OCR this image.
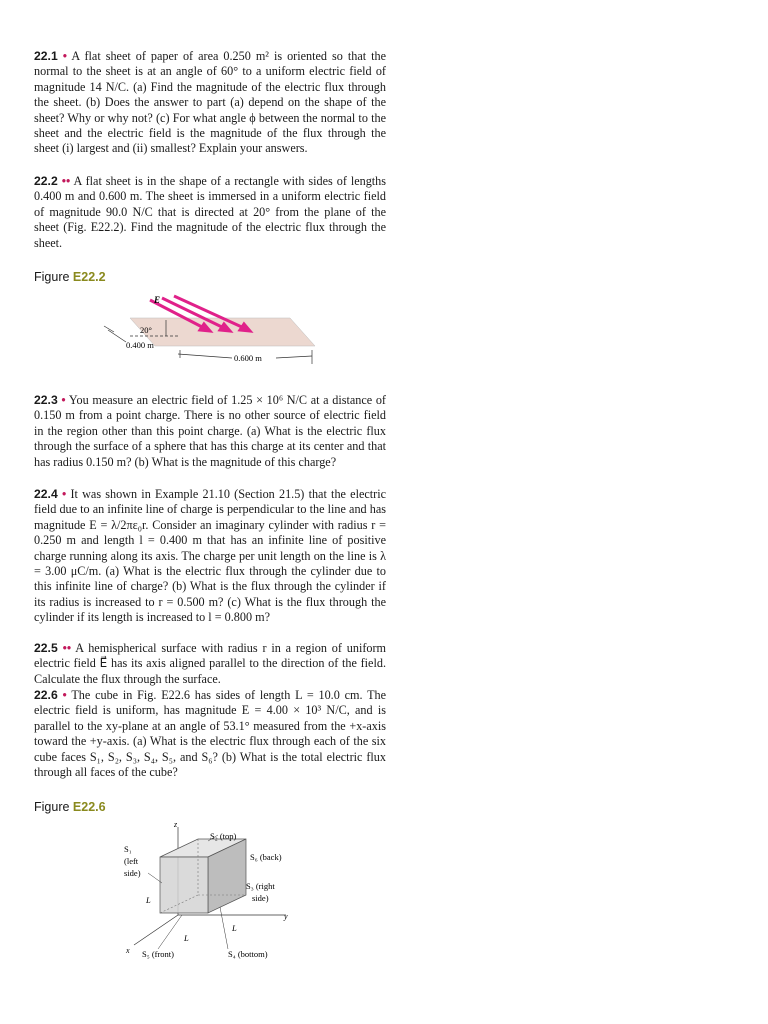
22.1 • A flat sheet of paper of area 0.250 m² is oriented so that the normal to the sheet is at an angle of 60° to a uniform electric field of magnitude 14 N/C. (a) Find the magnitude of the electric flux through the sheet. (b) Does the answer to part (a) depend on the shape of the sheet? Why or why not? (c) For what angle ϕ between the normal to the sheet and the electric field is the magnitude of the flux through the sheet (i) largest and (ii) smallest? Explain your answers.
22.2 •• A flat sheet is in the shape of a rectangle with sides of lengths 0.400 m and 0.600 m. The sheet is immersed in a uniform electric field of magnitude 90.0 N/C that is directed at 20° from the plane of the sheet (Fig. E22.2). Find the magnitude of the electric flux through the sheet.
Figure E22.2
E⃗
20°
0.400 m
0.600 m
22.3 • You measure an electric field of 1.25 × 10⁶ N/C at a distance of 0.150 m from a point charge. There is no other source of electric field in the region other than this point charge. (a) What is the electric flux through the surface of a sphere that has this charge at its center and that has radius 0.150 m? (b) What is the magnitude of this charge?
22.4 • It was shown in Example 21.10 (Section 21.5) that the electric field due to an infinite line of charge is perpendicular to the line and has magnitude E = λ/2πε₀r. Consider an imaginary cylinder with radius r = 0.250 m and length l = 0.400 m that has an infinite line of positive charge running along its axis. The charge per unit length on the line is λ = 3.00 μC/m. (a) What is the electric flux through the cylinder due to this infinite line of charge? (b) What is the flux through the cylinder if its radius is increased to r = 0.500 m? (c) What is the flux through the cylinder if its length is increased to l = 0.800 m?
22.5 •• A hemispherical surface with radius r in a region of uniform electric field E⃗ has its axis aligned parallel to the direction of the field. Calculate the flux through the surface.
22.6 • The cube in Fig. E22.6 has sides of length L = 10.0 cm. The electric field is uniform, has magnitude E = 4.00 × 10³ N/C, and is parallel to the xy-plane at an angle of 53.1° measured from the +x-axis toward the +y-axis. (a) What is the electric flux through each of the six cube faces S₁, S₂, S₃, S₄, S₅, and S₆? (b) What is the total electric flux through all faces of the cube?
Figure E22.6
z
y
x
S₂ (top)
S₆ (back)
S₁
(left
side)
S₃ (right
side)
S₅ (front)	S₄ (bottom)
L
L
L
